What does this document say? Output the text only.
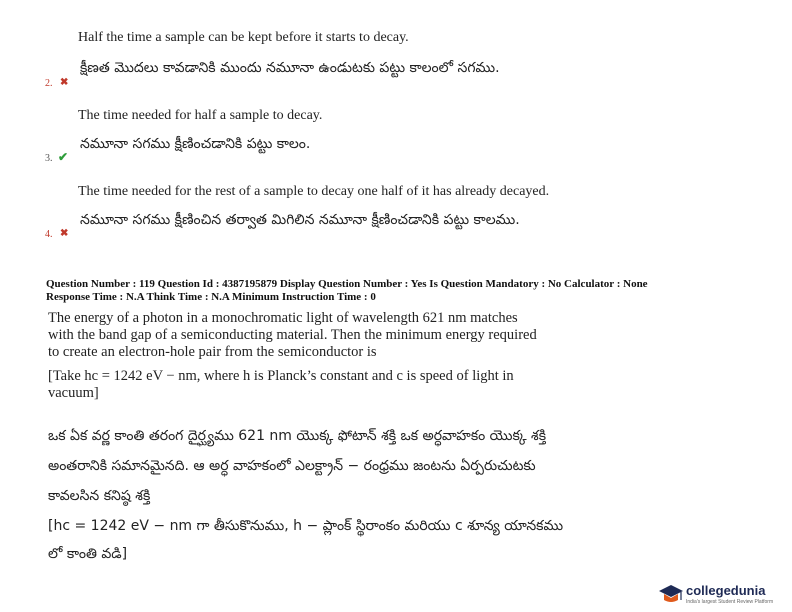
Half the time a sample can be kept before it starts to decay.
క్షీణత మొదలు కావడానికి ముందు నమూనా ఉండుటకు పట్టు కాలంలో సగము.
2. ✖
The time needed for half a sample to decay.
నమూనా సగము క్షీణించడానికి పట్టు కాలం.
3. ✔
The time needed for the rest of a sample to decay one half of it has already decayed.
నమూనా సగము క్షీణించిన తర్వాత మిగిలిన నమూనా క్షీణించడానికి పట్టు కాలము.
4. ✖
Question Number : 119 Question Id : 4387195879 Display Question Number : Yes Is Question Mandatory : No Calculator : None
Response Time : N.A Think Time : N.A Minimum Instruction Time : 0
The energy of a photon in a monochromatic light of wavelength 621 nm matches
with the band gap of a semiconducting material. Then the minimum energy required
to create an electron-hole pair from the semiconductor is
[Take hc = 1242 eV − nm, where h is Planck’s constant and c is speed of light in
vacuum]
ఒక ఏక వర్ణ కాంతి తరంగ దైర్ఘ్యము 621 nm యొక్క ఫోటాన్ శక్తి ఒక అర్ధవాహకం యొక్క శక్తి
అంతరానికి సమానమైనది. ఆ అర్ధ వాహకంలో ఎలక్ట్రాన్ − రంధ్రము జంటను ఏర్పరుచుటకు
కావలసిన కనిష్ఠ శక్తి
[hc = 1242 eV − nm గా తీసుకొనుము, h − ప్లాంక్ స్థిరాంకం మరియు c శూన్య యానకము
లో కాంతి వడి]
collegedunia
India's largest Student Review Platform
